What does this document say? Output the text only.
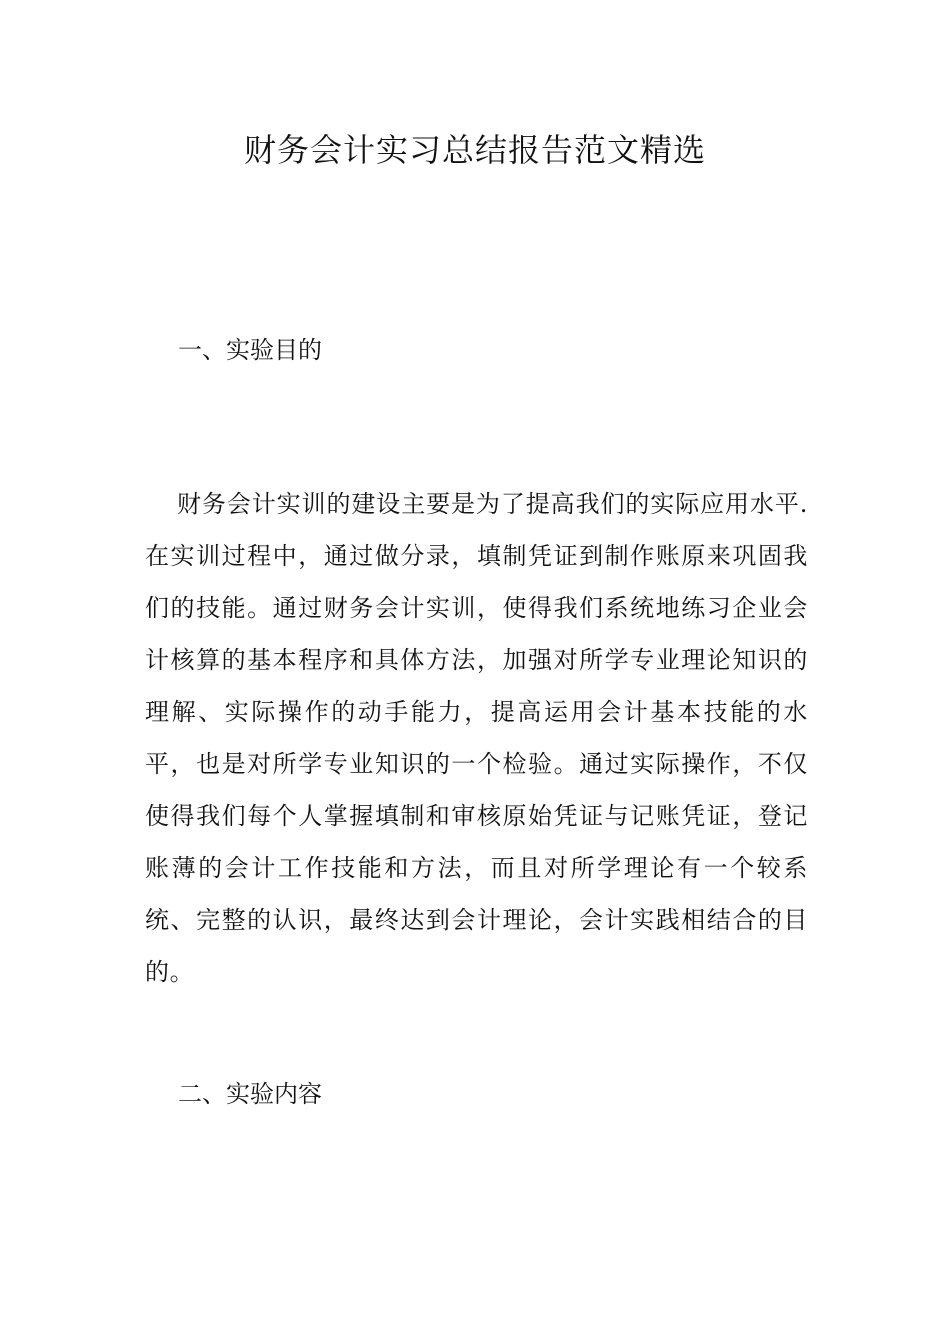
财务会计实习总结报告范文精选
一、实验目的

财务会计实训的建设主要是为了提高我们的实际应用水平. 在实训过程中，通过做分录，填制凭证到制作账原来巩固我们的技能。通过财务会计实训，使得我们系统地练习企业会计核算的基本程序和具体方法，加强对所学专业理论知识的理解、实际操作的动手能力，提高运用会计基本技能的水平，也是对所学专业知识的一个检验。通过实际操作，不仅使得我们每个人掌握填制和审核原始凭证与记账凭证，登记账薄的会计工作技能和方法，而且对所学理论有一个较系统、完整的认识，最终达到会计理论，会计实践相结合的目的。

二、实验内容
